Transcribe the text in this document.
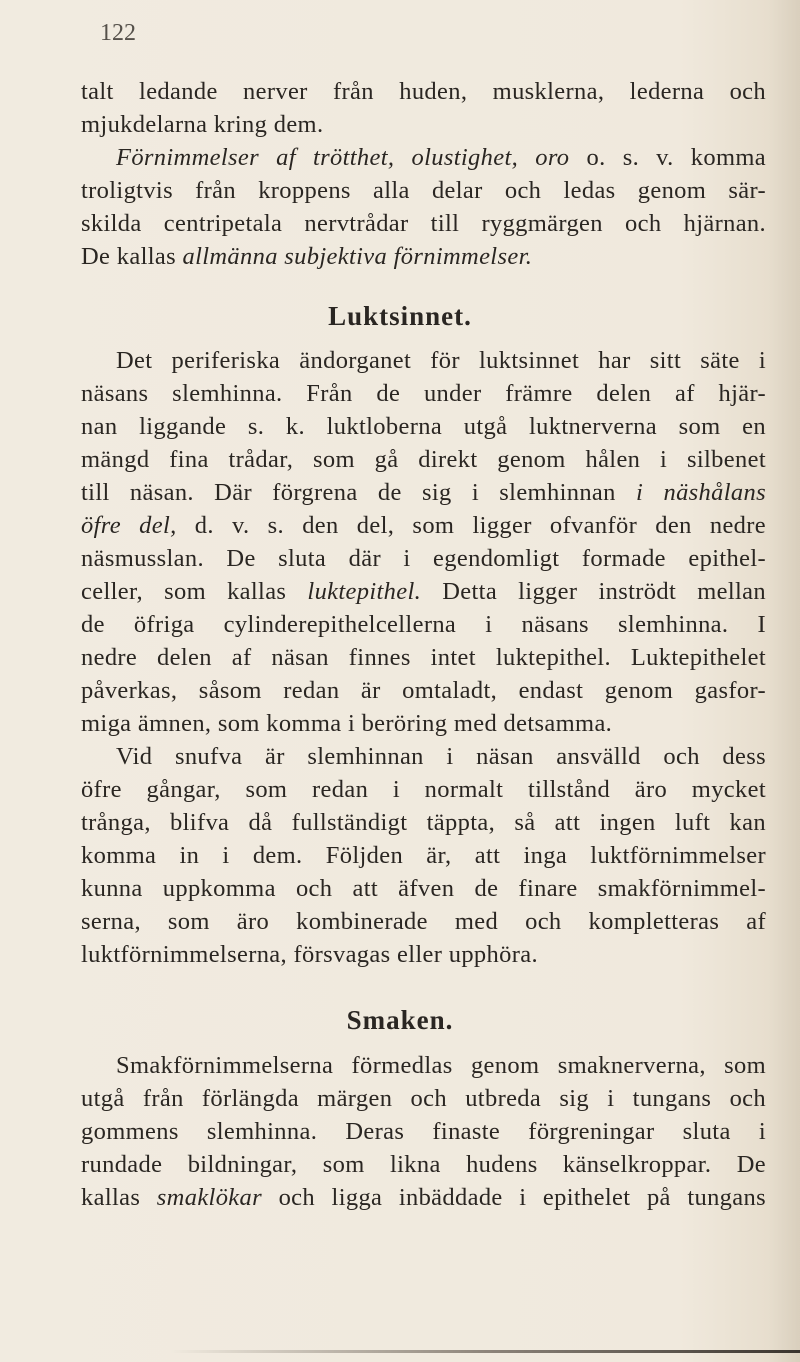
122
talt ledande nerver från huden, musklerna, lederna och
mjukdelarna kring dem.
Förnimmelser af trötthet, olustighet, oro o. s. v. komma
troligtvis från kroppens alla delar och ledas genom sär-
skilda centripetala nervtrådar till ryggmärgen och hjärnan.
De kallas allmänna subjektiva förnimmelser.
Luktsinnet.
Det periferiska ändorganet för luktsinnet har sitt säte i
näsans slemhinna. Från de under främre delen af hjär-
nan liggande s. k. luktloberna utgå luktnerverna som en
mängd fina trådar, som gå direkt genom hålen i silbenet
till näsan. Där förgrena de sig i slemhinnan i näshålans
öfre del, d. v. s. den del, som ligger ofvanför den nedre
näsmusslan. De sluta där i egendomligt formade epithel-
celler, som kallas luktepithel. Detta ligger inströdt mellan
de öfriga cylinderepithelcellerna i näsans slemhinna. I
nedre delen af näsan finnes intet luktepithel. Luktepithelet
påverkas, såsom redan är omtaladt, endast genom gasfor-
miga ämnen, som komma i beröring med detsamma.
Vid snufva är slemhinnan i näsan ansvälld och dess
öfre gångar, som redan i normalt tillstånd äro mycket
trånga, blifva då fullständigt täppta, så att ingen luft kan
komma in i dem. Följden är, att inga luktförnimmelser
kunna uppkomma och att äfven de finare smakförnimmel-
serna, som äro kombinerade med och kompletteras af
luktförnimmelserna, försvagas eller upphöra.
Smaken.
Smakförnimmelserna förmedlas genom smaknerverna, som
utgå från förlängda märgen och utbreda sig i tungans och
gommens slemhinna. Deras finaste förgreningar sluta i
rundade bildningar, som likna hudens känselkroppar. De
kallas smaklökar och ligga inbäddade i epithelet på tungans
